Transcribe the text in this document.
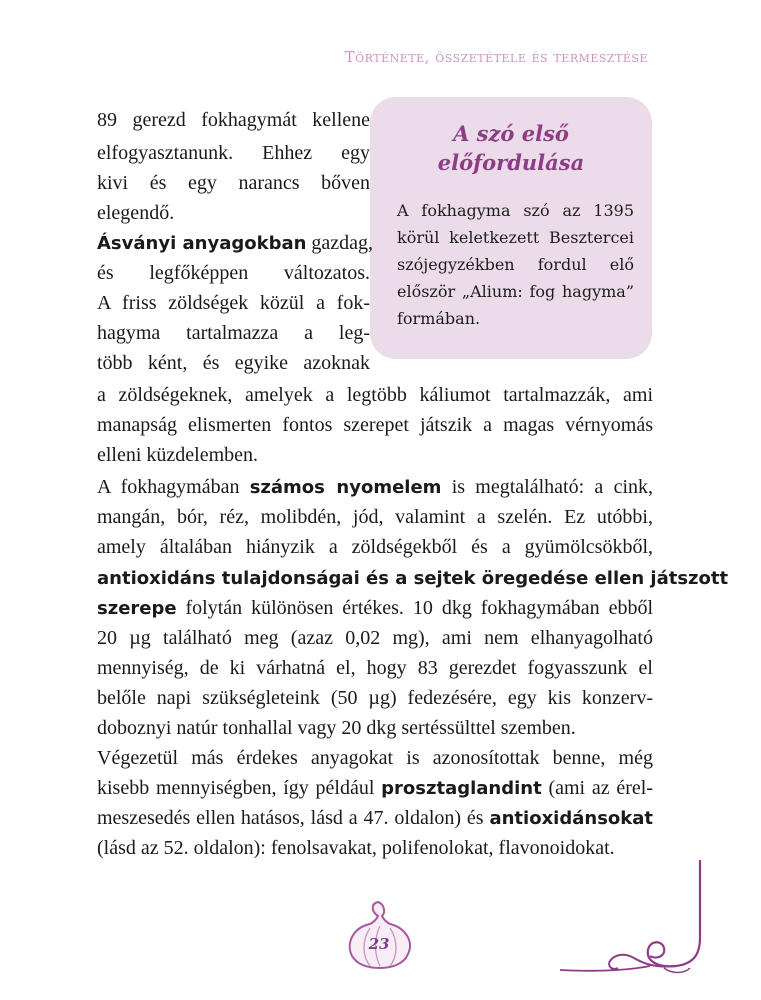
Története, összetétele és termesztése
A szó első
előfordulása
A fokhagyma szó az 1395 körül keletkezett Besztercei szójegyzékben fordul elő először „Alium: fog hagyma” formában.
89 gerezd fokhagymát kellene
elfogyasztanunk. Ehhez egy
kivi és egy narancs bőven
elegendő.
Ásványi anyagokban gazdag,
és legfőképpen változatos.
A friss zöldségek közül a fok-
hagyma tartalmazza a leg-
több ként, és egyike azoknak
a zöldségeknek, amelyek a legtöbb káliumot tartalmazzák, ami
manapság elismerten fontos szerepet játszik a magas vérnyomás
elleni küzdelemben.
A fokhagymában számos nyomelem is megtalálható: a cink,
mangán, bór, réz, molibdén, jód, valamint a szelén. Ez utóbbi,
amely általában hiányzik a zöldségekből és a gyümölcsökből,
antioxidáns tulajdonságai és a sejtek öregedése ellen játszott
szerepe folytán különösen értékes. 10 dkg fokhagymában ebből
20 µg található meg (azaz 0,02 mg), ami nem elhanyagolható
mennyiség, de ki várhatná el, hogy 83 gerezdet fogyasszunk el
belőle napi szükségleteink (50 µg) fedezésére, egy kis konzerv-
doboznyi natúr tonhallal vagy 20 dkg sertéssülttel szemben.
Végezetül más érdekes anyagokat is azonosítottak benne, még
kisebb mennyiségben, így például prosztaglandint (ami az érel-
meszesedés ellen hatásos, lásd a 47. oldalon) és antioxidánsokat
(lásd az 52. oldalon): fenolsavakat, polifenolokat, flavonoidokat.
23
